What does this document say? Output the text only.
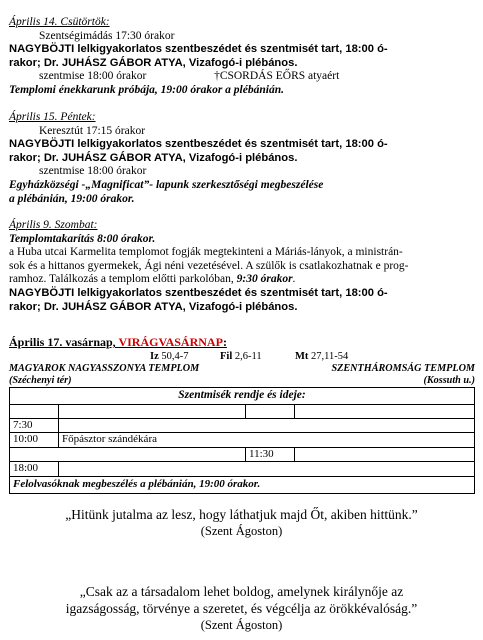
Április 14. Csütörtök:
Szentségimádás 17:30 órakor
NAGYBÖJTI lelkigyakorlatos szentbeszédet és szentmisét tart, 18:00 ó-
rakor; Dr. JUHÁSZ GÁBOR ATYA, Vizafogó-i plébános.
szentmise 18:00 órakor	†CSORDÁS EŐRS atyaért
Templomi énekkarunk próbája, 19:00 órakor a plébánián.
Április 15. Péntek:
Keresztút 17:15 órakor
NAGYBÖJTI lelkigyakorlatos szentbeszédet és szentmisét tart, 18:00 ó-
rakor; Dr. JUHÁSZ GÁBOR ATYA, Vizafogó-i plébános.
szentmise 18:00 órakor
Egyházközségi -„Magnificat”- lapunk szerkesztőségi megbeszélése
a plébánián, 19:00 órakor.
Április 9. Szombat:
Templomtakarítás 8:00 órakor.
a Huba utcai Karmelita templomot fogják megtekinteni a Máriás-lányok, a ministrán-
sok és a hittanos gyermekek, Ági néni vezetésével. A szülők is csatlakozhatnak e prog-
ramhoz. Találkozás a templom előtti parkolóban, 9:30 órakor.
NAGYBÖJTI lelkigyakorlatos szentbeszédet és szentmisét tart, 18:00 ó-
rakor; Dr. JUHÁSZ GÁBOR ATYA, Vizafogó-i plébános.
Április 17. vasárnap, VIRÁGVASÁRNAP:
Iz 50,4-7	Fil 2,6-11	Mt 27,11-54
MAGYAROK NAGYASSZONYA TEMPLOM
(Széchenyi tér)
SZENTHÁROMSÁG TEMPLOM
(Kossuth u.)
Szentmisék rendje és ideje:			

7:30			
10:00	Főpásztor szándékára		
		11:30	
18:00			
Felolvasóknak megbeszélés a plébánián, 19:00 órakor.			
„Hitünk jutalma az lesz, hogy láthatjuk majd Őt, akiben hittünk.”
(Szent Ágoston)
„Csak az a társadalom lehet boldog, amelynek királynője az
igazságosság, törvénye a szeretet, és végcélja az örökkévalóság.”
(Szent Ágoston)
